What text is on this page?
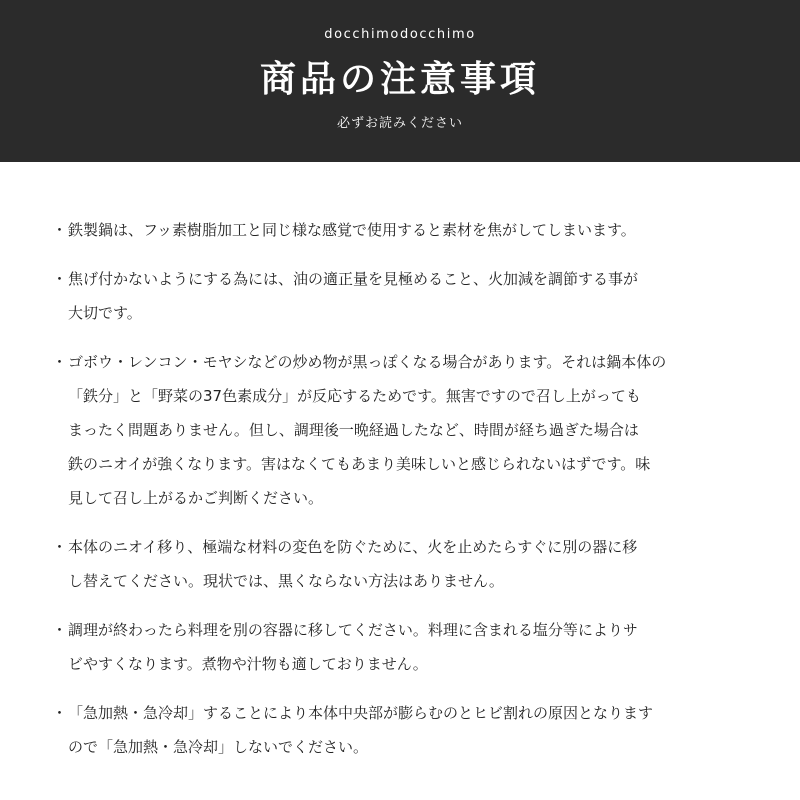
docchimodocchimo
商品の注意事項
必ずお読みください
・ 鉄製鍋は、フッ素樹脂加工と同じ様な感覚で使用すると素材を焦がしてしまいます。
・ 焦げ付かないようにする為には、油の適正量を見極めること、火加減を調節する事が
大切です。
・ ゴボウ・レンコン・モヤシなどの炒め物が黒っぽくなる場合があります。それは鍋本体の
「鉄分」と「野菜の37色素成分」が反応するためです。無害ですので召し上がっても
まったく問題ありません。但し、調理後一晩経過したなど、時間が経ち過ぎた場合は
鉄のニオイが強くなります。害はなくてもあまり美味しいと感じられないはずです。味
見して召し上がるかご判断ください。
・ 本体のニオイ移り、極端な材料の変色を防ぐために、火を止めたらすぐに別の器に移
し替えてください。現状では、黒くならない方法はありません。
・ 調理が終わったら料理を別の容器に移してください。料理に含まれる塩分等によりサ
ビやすくなります。煮物や汁物も適しておりません。
・ 「急加熱・急冷却」することにより本体中央部が膨らむのとヒビ割れの原因となります
ので「急加熱・急冷却」しないでください。
